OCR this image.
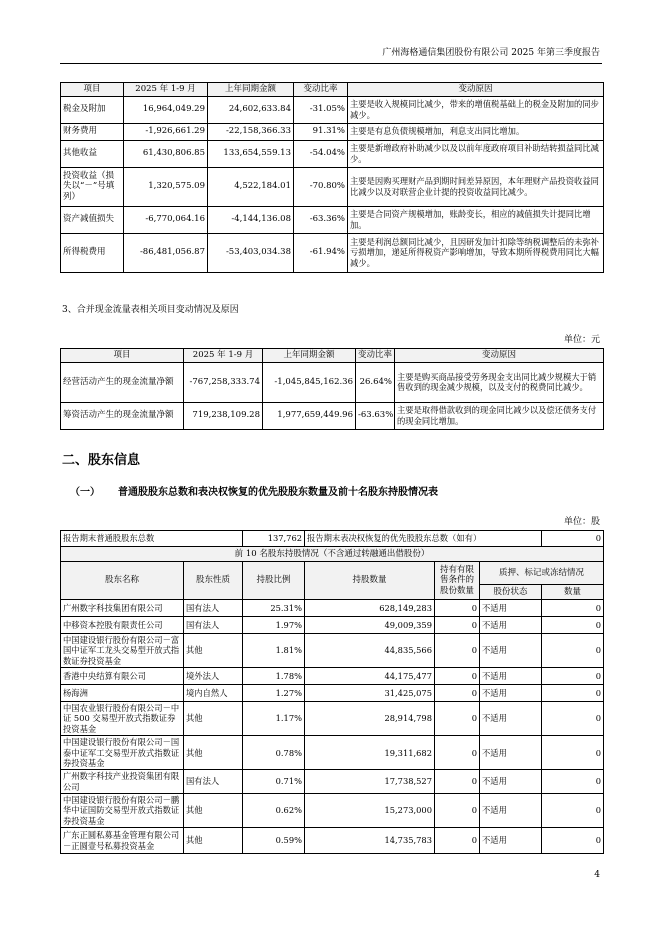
广州海格通信集团股份有限公司 2025 年第三季度报告
项目	2025 年 1-9 月	上年同期金额	变动比率	变动原因
税金及附加	16,964,049.29	24,602,633.84	-31.05%	主要是收入规模同比减少，带来的增值税基础上的税金及附加的同步减少。
财务费用	-1,926,661.29	-22,158,366.33	91.31%	主要是有息负债规模增加，利息支出同比增加。
其他收益	61,430,806.85	133,654,559.13	-54.04%	主要是新增政府补助减少以及以前年度政府项目补助结转损益同比减少。
投资收益（损失以“－”号填列）	1,320,575.09	4,522,184.01	-70.80%	主要是因购买理财产品到期时间差异原因，本年理财产品投资收益同比减少以及对联营企业计提的投资收益同比减少。
资产减值损失	-6,770,064.16	-4,144,136.08	-63.36%	主要是合同资产规模增加，账龄变长，相应的减值损失计提同比增加。
所得税费用	-86,481,056.87	-53,403,034.38	-61.94%	主要是利润总额同比减少，且因研发加计扣除等纳税调整后的未弥补亏损增加，递延所得税资产影响增加，导致本期所得税费用同比大幅减少。
3、合并现金流量表相关项目变动情况及原因
单位：元
项目	2025 年 1-9 月	上年同期金额	变动比率	变动原因
经营活动产生的现金流量净额	-767,258,333.74	-1,045,845,162.36	26.64%	主要是购买商品接受劳务现金支出同比减少规模大于销售收到的现金减少规模，以及支付的税费同比减少。
筹资活动产生的现金流量净额	719,238,109.28	1,977,659,449.96	-63.63%	主要是取得借款收到的现金同比减少以及偿还债务支付的现金同比增加。
二、股东信息
（一） 普通股股东总数和表决权恢复的优先股股东数量及前十名股东持股情况表
单位：股
报告期末普通股股东总数		137,762	报告期末表决权恢复的优先股股东总数（如有）			0
前 10 名股东持股情况（不含通过转融通出借股份）						
股东名称	股东性质	持股比例	持股数量	持有有限售条件的股份数量	质押、标记或冻结情况	
					股份状态	数量
广州数字科技集团有限公司	国有法人	25.31%	628,149,283	0	不适用	0
中移资本控股有限责任公司	国有法人	1.97%	49,009,359	0	不适用	0
中国建设银行股份有限公司－富国中证军工龙头交易型开放式指数证券投资基金	其他	1.81%	44,835,566	0	不适用	0
香港中央结算有限公司	境外法人	1.78%	44,175,477	0	不适用	0
杨海洲	境内自然人	1.27%	31,425,075	0	不适用	0
中国农业银行股份有限公司－中证 500 交易型开放式指数证券投资基金	其他	1.17%	28,914,798	0	不适用	0
中国建设银行股份有限公司－国泰中证军工交易型开放式指数证券投资基金	其他	0.78%	19,311,682	0	不适用	0
广州数字科技产业投资集团有限公司	国有法人	0.71%	17,738,527	0	不适用	0
中国建设银行股份有限公司－鹏华中证国防交易型开放式指数证券投资基金	其他	0.62%	15,273,000	0	不适用	0
广东正圆私募基金管理有限公司－正圆壹号私募投资基金	其他	0.59%	14,735,783	0	不适用	0
4
